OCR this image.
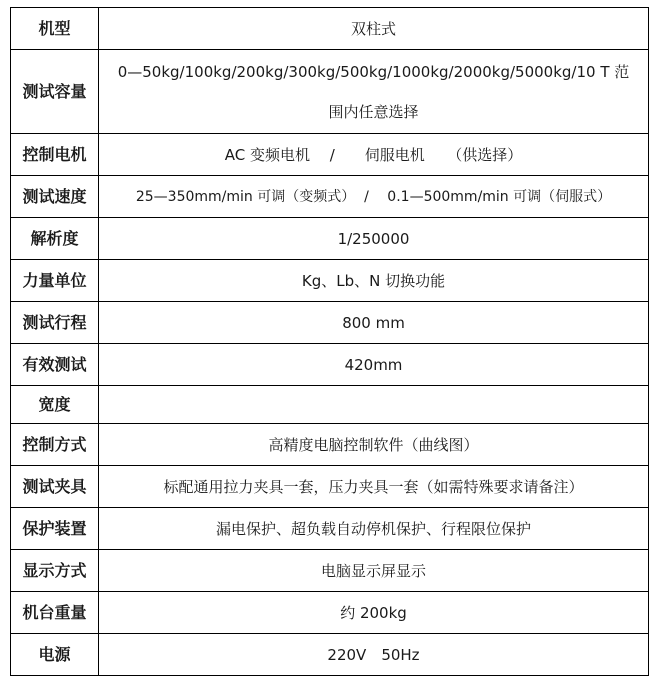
机型	双柱式
测试容量	0—50kg/100kg/200kg/300kg/500kg/1000kg/2000kg/5000kg/10 T 范
围内任意选择

控制电机	AC 变频电机　 /　　伺服电机　　（供选择）
测试速度	25—350mm/min 可调（变频式）  /　 0.1—500mm/min 可调（伺服式）
解析度	1/250000
力量单位	Kg、Lb、N 切换功能
测试行程	800 mm
有效测试	420mm
宽度	
控制方式	高精度电脑控制软件（曲线图）
测试夹具	标配通用拉力夹具一套，压力夹具一套（如需特殊要求请备注）
保护装置	漏电保护、超负载自动停机保护、行程限位保护
显示方式	电脑显示屏显示
机台重量	约 200kg
电源	220V　50Hz
